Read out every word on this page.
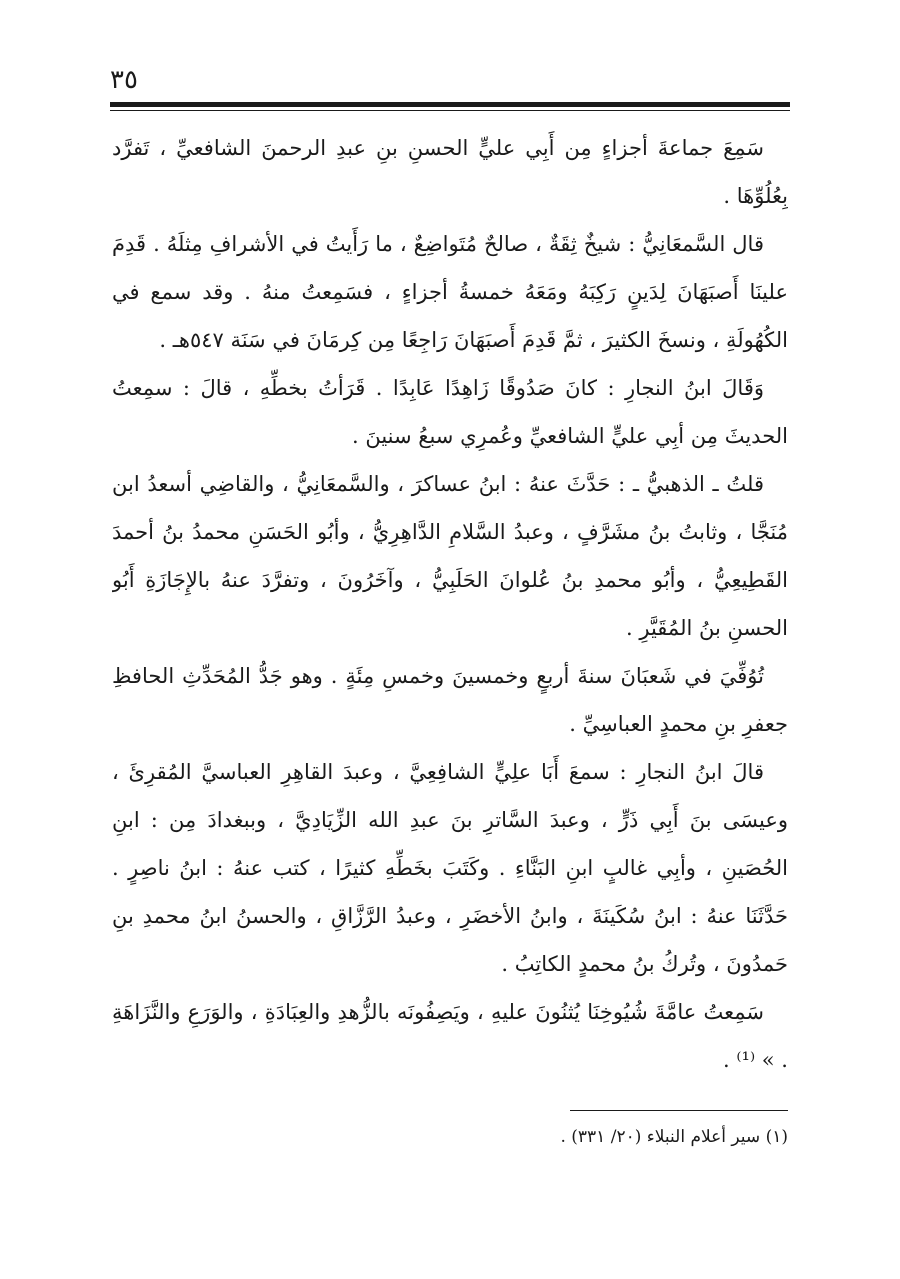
٣٥

سَمِعَ جماعةَ أجزاءٍ مِن أَبِي عليٍّ الحسنِ بنِ عبدِ الرحمنَ الشافعيِّ ، تَفرَّد بِعُلُوِّهَا .

قال السَّمعَانِيُّ : شيخٌ ثِقَةٌ ، صالحٌ مُتَواضِعٌ ، ما رَأَيتُ في الأشرافِ مِثلَهُ . قَدِمَ علينَا أَصبَهَانَ لِدَينٍ رَكِبَهُ ومَعَهُ خمسةُ أجزاءٍ ، فسَمِعتُ منهُ . وقد سمع في الكُهُولَةِ ، ونسخَ الكثيرَ ، ثمَّ قَدِمَ أَصبَهَانَ رَاجِعًا مِن كِرمَانَ في سَنَة ٥٤٧هـ .

وَقَالَ ابنُ النجارِ : كانَ صَدُوقًا زَاهِدًا عَابِدًا . قَرَأتُ بخطِّهِ ، قالَ : سمِعتُ الحديثَ مِن أبِي عليٍّ الشافعيِّ وعُمرِي سبعُ سنينَ .

قلتُ ـ الذهبيُّ ـ : حَدَّثَ عنهُ : ابنُ عساكرَ ، والسَّمعَانِيُّ ، والقاضِي أسعدُ ابن مُنَجَّا ، وثابتُ بنُ مشَرَّفٍ ، وعبدُ السَّلامِ الدَّاهِرِيُّ ، وأبُو الحَسَنِ محمدُ بنُ أحمدَ القَطِيعِيُّ ، وأبُو محمدِ بنُ عُلوانَ الحَلَبِيُّ ، وآخَرُونَ ، وتفرَّدَ عنهُ بالإِجَازَةِ أَبُو الحسنِ بنُ المُقَيَّرِ .

تُوُفِّيَ في شَعبَانَ سنةَ أربعٍ وخمسينَ وخمسِ مِئَةٍ . وهو جَدُّ المُحَدِّثِ الحافظِ جعفرِ بنِ محمدٍ العباسِيِّ .

قالَ ابنُ النجارِ : سمعَ أَبَا علِيٍّ الشافِعِيَّ ، وعبدَ القاهِرِ العباسيَّ المُقرِئَ ، وعيسَى بنَ أَبِي ذَرٍّ ، وعبدَ السَّاترِ بنَ عبدِ الله الزِّيَادِيَّ ، وببغدادَ مِن : ابنِ الحُصَينِ ، وأبِي غالبٍ ابنِ البَنَّاءِ . وكَتَبَ بخَطِّهِ كثيرًا ، كتب عنهُ : ابنُ ناصِرٍ . حَدَّثَنَا عنهُ : ابنُ سُكَينَةَ ، وابنُ الأخضَرِ ، وعبدُ الرَّزَّاقِ ، والحسنُ ابنُ محمدِ بنِ حَمدُونَ ، وتُركُ بنُ محمدٍ الكاتِبُ .

سَمِعتُ عامَّةَ شُيُوخِنَا يُثنُونَ عليهِ ، ويَصِفُونَه بالزُّهدِ والعِبَادَةِ ، والوَرَعِ والنَّزَاهَةِ . » ⁽¹⁾ .

(١) سير أعلام النبلاء (٢٠/ ٣٣١) .
